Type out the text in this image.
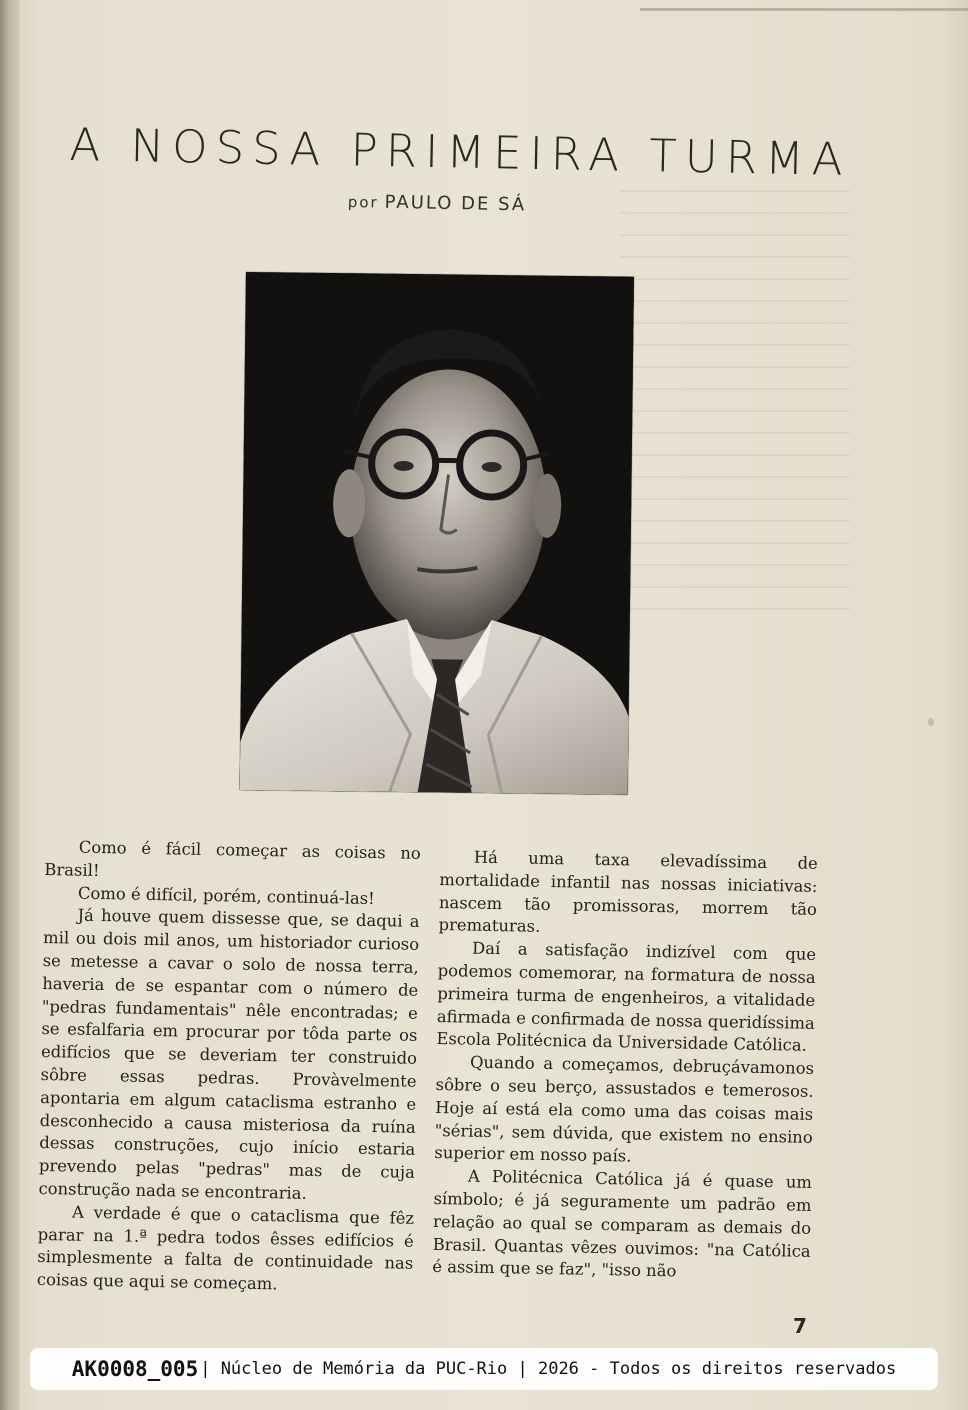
A NOSSA PRIMEIRA TURMA
por PAULO DE SÁ

Como é fácil começar as coisas no Brasil!

Como é difícil, porém, continuá-las!

Já houve quem dissesse que, se daqui a mil ou dois mil anos, um historiador curioso se metesse a cavar o solo de nossa terra, haveria de se espantar com o número de "pedras fundamentais" nêle encontradas; e se esfalfaria em procurar por tôda parte os edifícios que se deveriam ter construido sôbre essas pedras. Provàvelmente apontaria em algum cataclisma estranho e desconhecido a causa misteriosa da ruína dessas construções, cujo início estaria prevendo pelas "pedras" mas de cuja construção nada se encontraria.

A verdade é que o cataclisma que fêz parar na 1.ª pedra todos êsses edifícios é simplesmente a falta de continuidade nas coisas que aqui se começam.

Há uma taxa elevadíssima de mortalidade infantil nas nossas iniciativas: nascem tão promissoras, morrem tão prematuras.

Daí a satisfação indizível com que podemos comemorar, na formatura de nossa primeira turma de engenheiros, a vitalidade afirmada e confirmada de nossa queridíssima Escola Politécnica da Universidade Católica.

Quando a começamos, debruçávamonos sôbre o seu berço, assustados e temerosos. Hoje aí está ela como uma das coisas mais "sérias", sem dúvida, que existem no ensino superior em nosso país.

A Politécnica Católica já é quase um símbolo; é já seguramente um padrão em relação ao qual se comparam as demais do Brasil. Quantas vêzes ouvimos: "na Católica é assim que se faz", "isso não

7
AK0008_005 | Núcleo de Memória da PUC-Rio | 2026 - Todos os direitos reservados
